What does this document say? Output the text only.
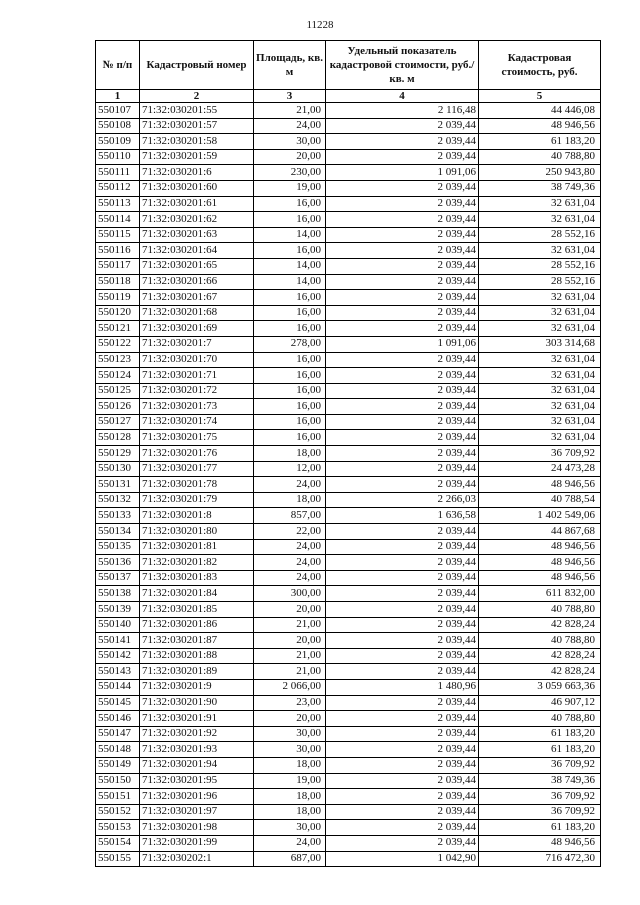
11228
№ п/п	Кадастровый номер	Площадь, кв. м	Удельный показатель кадастровой стоимости, руб./кв. м	Кадастровая стоимость, руб.
1	2	3	4	5
550107	71:32:030201:55	21,00	2 116,48	44 446,08
550108	71:32:030201:57	24,00	2 039,44	48 946,56
550109	71:32:030201:58	30,00	2 039,44	61 183,20
550110	71:32:030201:59	20,00	2 039,44	40 788,80
550111	71:32:030201:6	230,00	1 091,06	250 943,80
550112	71:32:030201:60	19,00	2 039,44	38 749,36
550113	71:32:030201:61	16,00	2 039,44	32 631,04
550114	71:32:030201:62	16,00	2 039,44	32 631,04
550115	71:32:030201:63	14,00	2 039,44	28 552,16
550116	71:32:030201:64	16,00	2 039,44	32 631,04
550117	71:32:030201:65	14,00	2 039,44	28 552,16
550118	71:32:030201:66	14,00	2 039,44	28 552,16
550119	71:32:030201:67	16,00	2 039,44	32 631,04
550120	71:32:030201:68	16,00	2 039,44	32 631,04
550121	71:32:030201:69	16,00	2 039,44	32 631,04
550122	71:32:030201:7	278,00	1 091,06	303 314,68
550123	71:32:030201:70	16,00	2 039,44	32 631,04
550124	71:32:030201:71	16,00	2 039,44	32 631,04
550125	71:32:030201:72	16,00	2 039,44	32 631,04
550126	71:32:030201:73	16,00	2 039,44	32 631,04
550127	71:32:030201:74	16,00	2 039,44	32 631,04
550128	71:32:030201:75	16,00	2 039,44	32 631,04
550129	71:32:030201:76	18,00	2 039,44	36 709,92
550130	71:32:030201:77	12,00	2 039,44	24 473,28
550131	71:32:030201:78	24,00	2 039,44	48 946,56
550132	71:32:030201:79	18,00	2 266,03	40 788,54
550133	71:32:030201:8	857,00	1 636,58	1 402 549,06
550134	71:32:030201:80	22,00	2 039,44	44 867,68
550135	71:32:030201:81	24,00	2 039,44	48 946,56
550136	71:32:030201:82	24,00	2 039,44	48 946,56
550137	71:32:030201:83	24,00	2 039,44	48 946,56
550138	71:32:030201:84	300,00	2 039,44	611 832,00
550139	71:32:030201:85	20,00	2 039,44	40 788,80
550140	71:32:030201:86	21,00	2 039,44	42 828,24
550141	71:32:030201:87	20,00	2 039,44	40 788,80
550142	71:32:030201:88	21,00	2 039,44	42 828,24
550143	71:32:030201:89	21,00	2 039,44	42 828,24
550144	71:32:030201:9	2 066,00	1 480,96	3 059 663,36
550145	71:32:030201:90	23,00	2 039,44	46 907,12
550146	71:32:030201:91	20,00	2 039,44	40 788,80
550147	71:32:030201:92	30,00	2 039,44	61 183,20
550148	71:32:030201:93	30,00	2 039,44	61 183,20
550149	71:32:030201:94	18,00	2 039,44	36 709,92
550150	71:32:030201:95	19,00	2 039,44	38 749,36
550151	71:32:030201:96	18,00	2 039,44	36 709,92
550152	71:32:030201:97	18,00	2 039,44	36 709,92
550153	71:32:030201:98	30,00	2 039,44	61 183,20
550154	71:32:030201:99	24,00	2 039,44	48 946,56
550155	71:32:030202:1	687,00	1 042,90	716 472,30
